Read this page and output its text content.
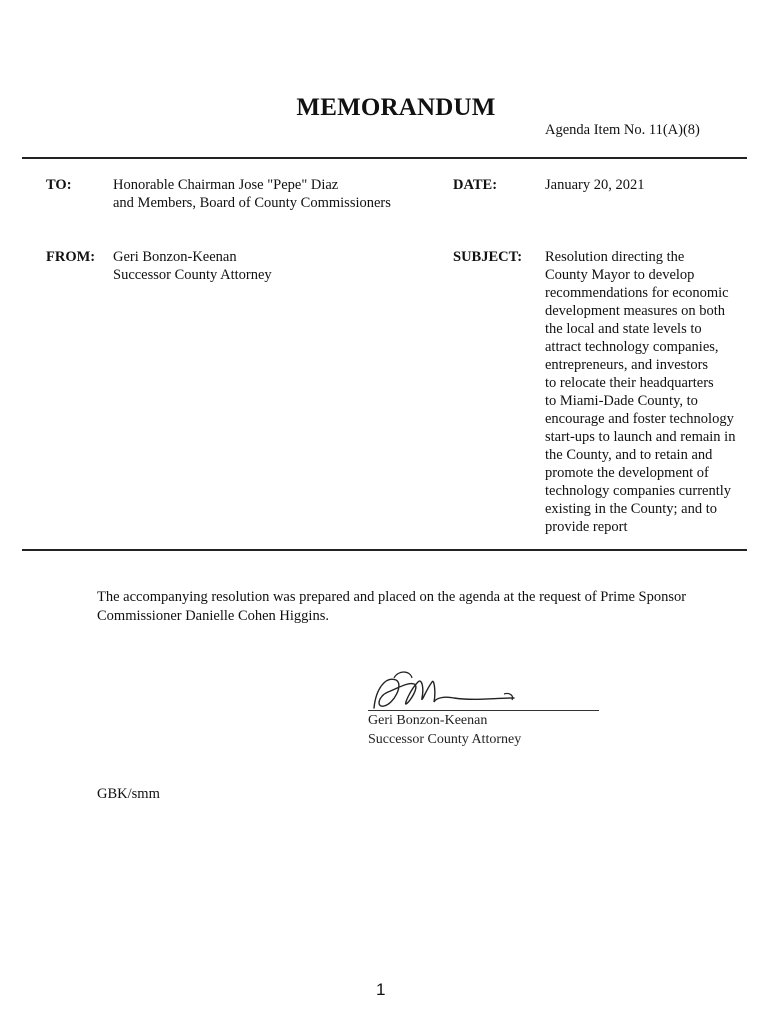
MEMORANDUM
Agenda Item No. 11(A)(8)
TO:	Honorable Chairman Jose "Pepe" Diaz
and Members, Board of County Commissioners
DATE:	January 20, 2021
FROM: Geri Bonzon-Keenan
Successor County Attorney
SUBJECT: Resolution directing the
County Mayor to develop
recommendations for economic
development measures on both
the local and state levels to
attract technology companies,
entrepreneurs, and investors
to relocate their headquarters
to Miami-Dade County, to
encourage and foster technology
start-ups to launch and remain in
the County, and to retain and
promote the development of
technology companies currently
existing in the County; and to
provide report
The accompanying resolution was prepared and placed on the agenda at the request of Prime Sponsor
Commissioner Danielle Cohen Higgins.
Geri Bonzon-Keenan
Successor County Attorney
GBK/smm
1
